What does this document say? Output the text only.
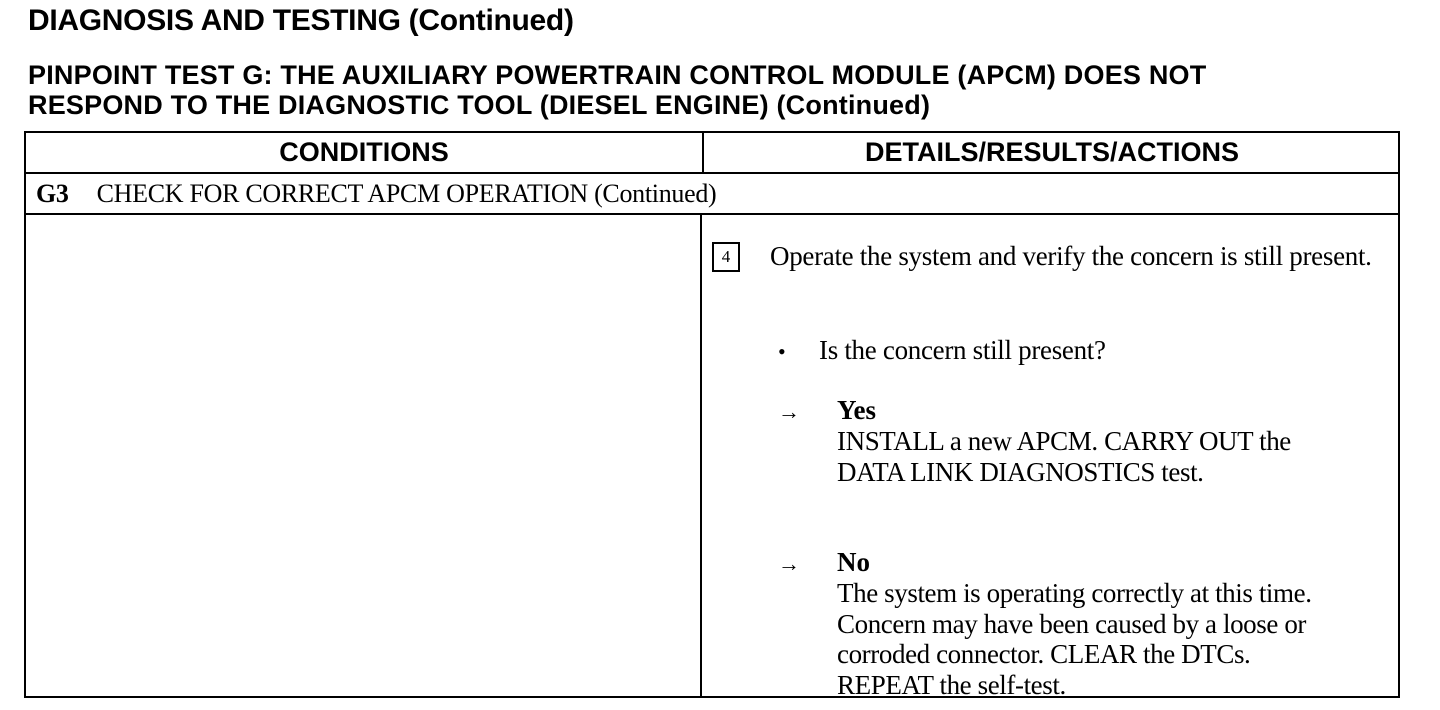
DIAGNOSIS AND TESTING (Continued)
PINPOINT TEST G: THE AUXILIARY POWERTRAIN CONTROL MODULE (APCM) DOES NOT
RESPOND TO THE DIAGNOSTIC TOOL (DIESEL ENGINE) (Continued)
CONDITIONS	DETAILS/RESULTS/ACTIONS
G3 CHECK FOR CORRECT APCM OPERATION (Continued)
4	Operate the system and verify the concern is still present.
• Is the concern still present?
→ Yes
INSTALL a new APCM. CARRY OUT the
DATA LINK DIAGNOSTICS test.
→ No
The system is operating correctly at this time.
Concern may have been caused by a loose or
corroded connector. CLEAR the DTCs.
REPEAT the self-test.
